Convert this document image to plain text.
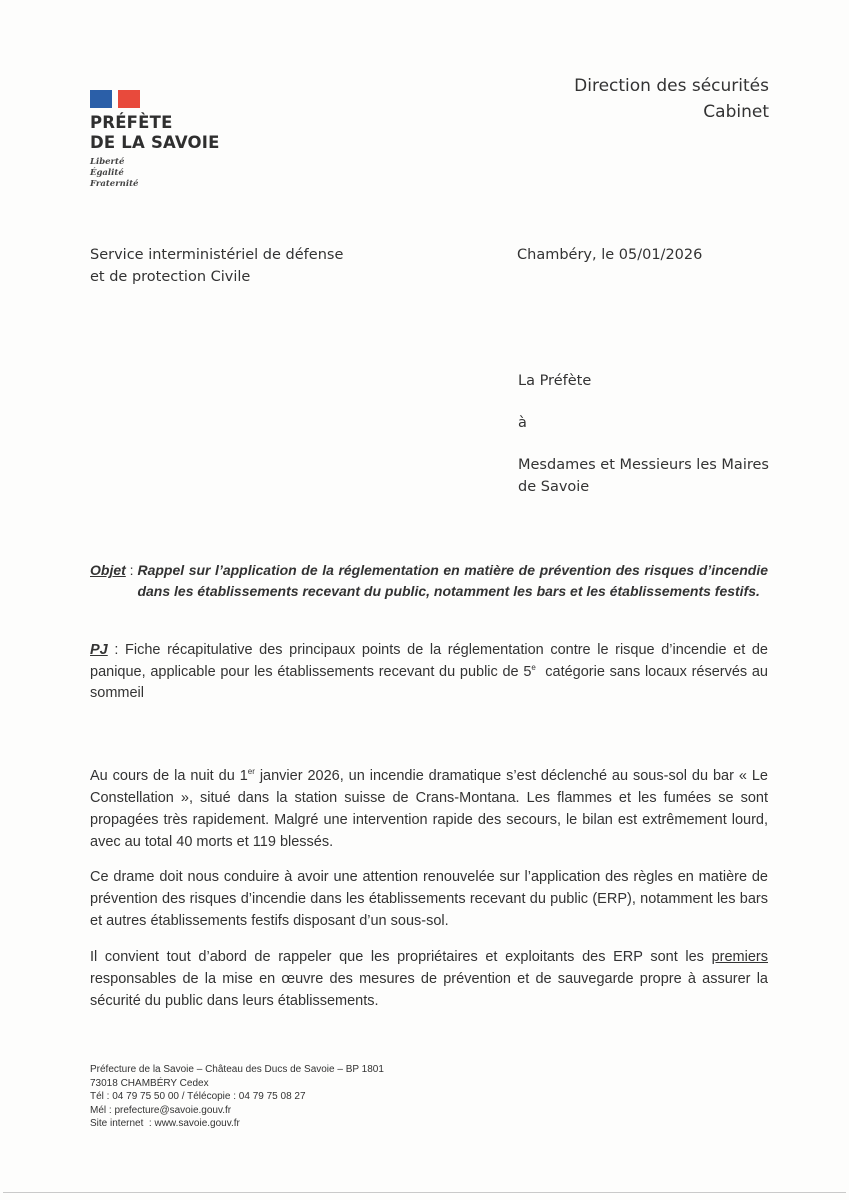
PRÉFÈTE
DE LA SAVOIE
Liberté
Égalité
Fraternité
Direction des sécurités
Cabinet
Service interministériel de défense
et de protection Civile
Chambéry, le 05/01/2026

La Préfète

à

Mesdames et Messieurs les Maires

de Savoie

Objet : Rappel sur l’application de la réglementation en matière de prévention des risques d’incendie dans les établissements recevant du public, notamment les bars et les établissements festifs.
PJ : Fiche récapitulative des principaux points de la réglementation contre le risque d’incendie et de panique, applicable pour les établissements recevant du public de 5e  catégorie sans locaux réservés au sommeil

Au cours de la nuit du 1er janvier 2026, un incendie dramatique s’est déclenché au sous-sol du bar « Le Constellation », situé dans la station suisse de Crans-Montana. Les flammes et les fumées se sont propagées très rapidement. Malgré une intervention rapide des secours, le bilan est extrêmement lourd, avec au total 40 morts et 119 blessés.

Ce drame doit nous conduire à avoir une attention renouvelée sur l’application des règles en matière de prévention des risques d’incendie dans les établissements recevant du public (ERP), notamment les bars et autres établissements festifs disposant d’un sous-sol.

Il convient tout d’abord de rappeler que les propriétaires et exploitants des ERP sont les premiers responsables de la mise en œuvre des mesures de prévention et de sauvegarde propre à assurer la sécurité du public dans leurs établissements.

Préfecture de la Savoie – Château des Ducs de Savoie – BP 1801
73018 CHAMBÉRY Cedex
Tél : 04 79 75 50 00 / Télécopie : 04 79 75 08 27
Mél : prefecture@savoie.gouv.fr
Site internet  : www.savoie.gouv.fr
